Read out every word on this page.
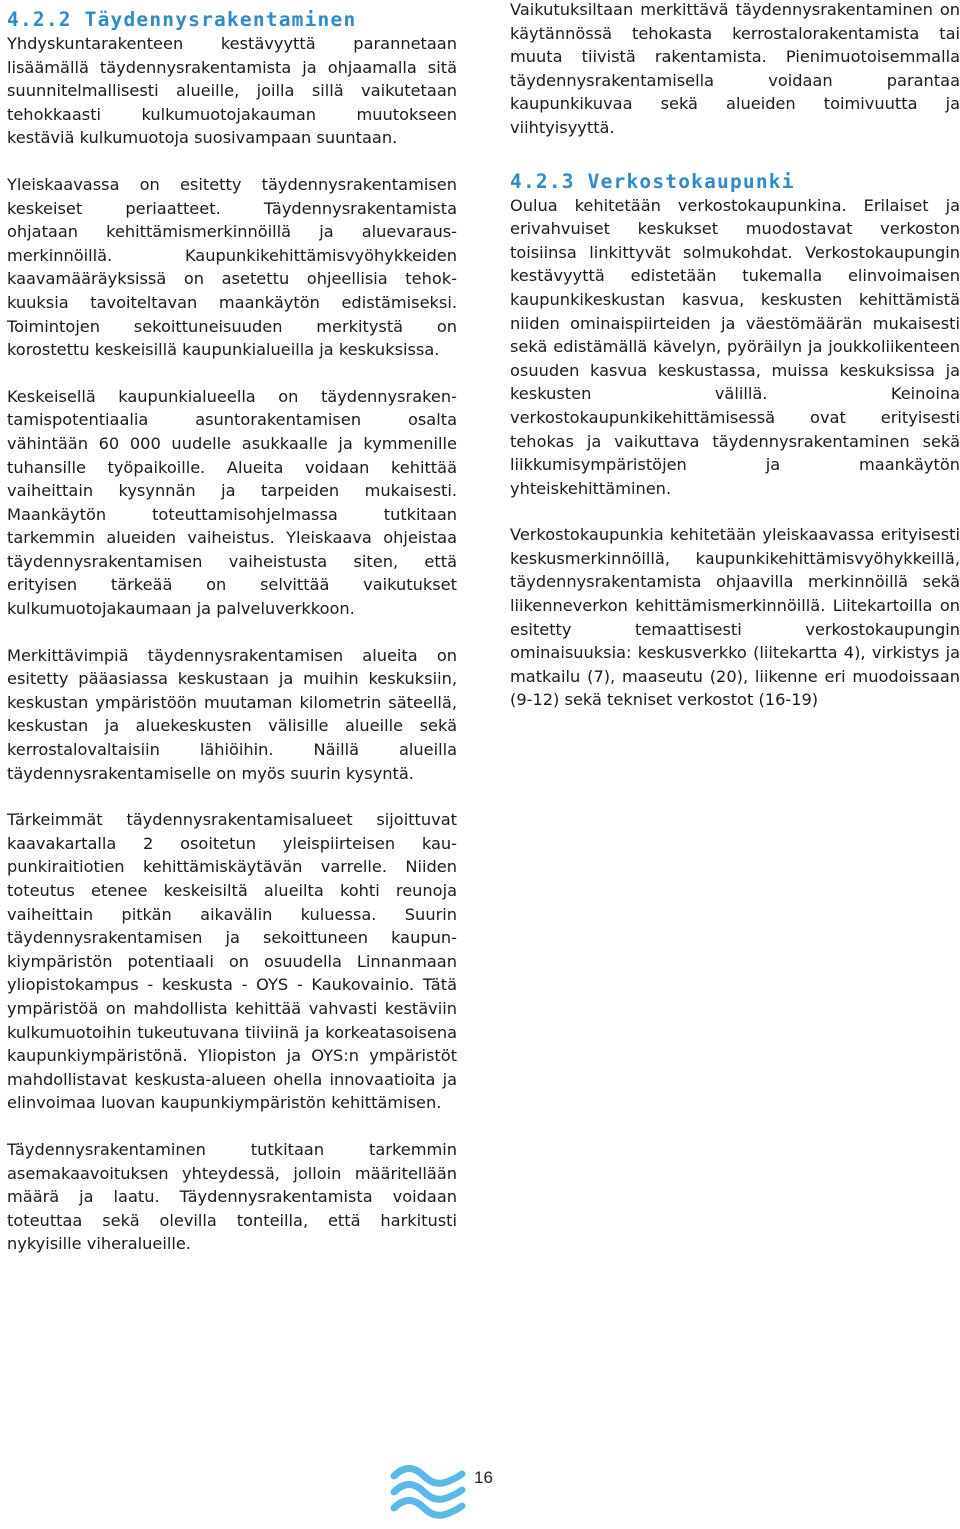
4.2.2 Täydennysrakentaminen

Yhdyskuntarakenteen kestävyyttä parannetaan lisäämällä täydennysrakentamista ja ohjaamalla sitä suunnitelmallisesti alueille, joilla sillä vaikutetaan tehokkaasti kulkumuotojakauman muutokseen kestäviä kulkumuotoja suosivampaan suuntaan.

Yleiskaavassa on esitetty täydennysrakentamisen keskeiset periaatteet. Täydennysrakentamista ohjataan kehittämismerkinnöillä ja aluevarausmerkinnöillä. Kaupunkikehittämisvyöhykkeiden kaavamääräyksissä on asetettu ohjeellisia tehokkuuksia tavoiteltavan maankäytön edistämiseksi. Toimintojen sekoittuneisuuden merkitystä on korostettu keskeisillä kaupunkialueilla ja keskuksissa.

Keskeisellä kaupunkialueella on täydennysrakentamispotentiaalia asuntorakentamisen osalta vähintään 60 000 uudelle asukkaalle ja kymmenille tuhansille työpaikoille. Alueita voidaan kehittää vaiheittain kysynnän ja tarpeiden mukaisesti. Maankäytön toteuttamisohjelmassa tutkitaan tarkemmin alueiden vaiheistus. Yleiskaava ohjeistaa täydennysrakentamisen vaiheistusta siten, että erityisen tärkeää on selvittää vaikutukset kulkumuotojakaumaan ja palveluverkkoon.

Merkittävimpiä täydennysrakentamisen alueita on esitetty pääasiassa keskustaan ja muihin keskuksiin, keskustan ympäristöön muutaman kilometrin säteellä, keskustan ja aluekeskusten välisille alueille sekä kerrostalovaltaisiin lähiöihin. Näillä alueilla täydennysrakentamiselle on myös suurin kysyntä.

Tärkeimmät täydennysrakentamisalueet sijoittuvat kaavakartalla 2 osoitetun yleispiirteisen kaupunkiraitiotien kehittämiskäytävän varrelle. Niiden toteutus etenee keskeisiltä alueilta kohti reunoja vaiheittain pitkän aikavälin kuluessa. Suurin täydennysrakentamisen ja sekoittuneen kaupunkiympäristön potentiaali on osuudella Linnanmaan yliopistokampus - keskusta - OYS - Kaukovainio. Tätä ympäristöä on mahdollista kehittää vahvasti kestäviin kulkumuotoihin tukeutuvana tiiviinä ja korkeatasoisena kaupunkiympäristönä. Yliopiston ja OYS:n ympäristöt mahdollistavat keskusta-alueen ohella innovaatioita ja elinvoimaa luovan kaupunkiympäristön kehittämisen.

Täydennysrakentaminen tutkitaan tarkemmin asemakaavoituksen yhteydessä, jolloin määritellään määrä ja laatu. Täydennysrakentamista voidaan toteuttaa sekä olevilla tonteilla, että harkitusti nykyisille viheralueille.

Vaikutuksiltaan merkittävä täydennysrakentaminen on käytännössä tehokasta kerrostalorakentamista tai muuta tiivistä rakentamista. Pienimuotoisemmalla täydennysrakentamisella voidaan parantaa kaupunkikuvaa sekä alueiden toimivuutta ja viihtyisyyttä.

4.2.3 Verkostokaupunki

Oulua kehitetään verkostokaupunkina. Erilaiset ja erivahvuiset keskukset muodostavat verkoston toisiinsa linkittyvät solmukohdat. Verkostokaupungin kestävyyttä edistetään tukemalla elinvoimaisen kaupunkikeskustan kasvua, keskusten kehittämistä niiden ominaispiirteiden ja väestömäärän mukaisesti sekä edistämällä kävelyn, pyöräilyn ja joukkoliikenteen osuuden kasvua keskustassa, muissa keskuksissa ja keskusten välillä. Keinoina verkostokaupunkikehittämisessä ovat erityisesti tehokas ja vaikuttava täydennysrakentaminen sekä liikkumisympäristöjen ja maankäytön yhteiskehittäminen.

Verkostokaupunkia kehitetään yleiskaavassa erityisesti keskusmerkinnöillä, kaupunkikehittämisvyöhykkeillä, täydennysrakentamista ohjaavilla merkinnöillä sekä liikenneverkon kehittämismerkinnöillä. Liitekartoilla on esitetty temaattisesti verkostokaupungin ominaisuuksia: keskusverkko (liitekartta 4), virkistys ja matkailu (7), maaseutu (20), liikenne eri muodoissaan (9-12) sekä tekniset verkostot (16-19)

16
